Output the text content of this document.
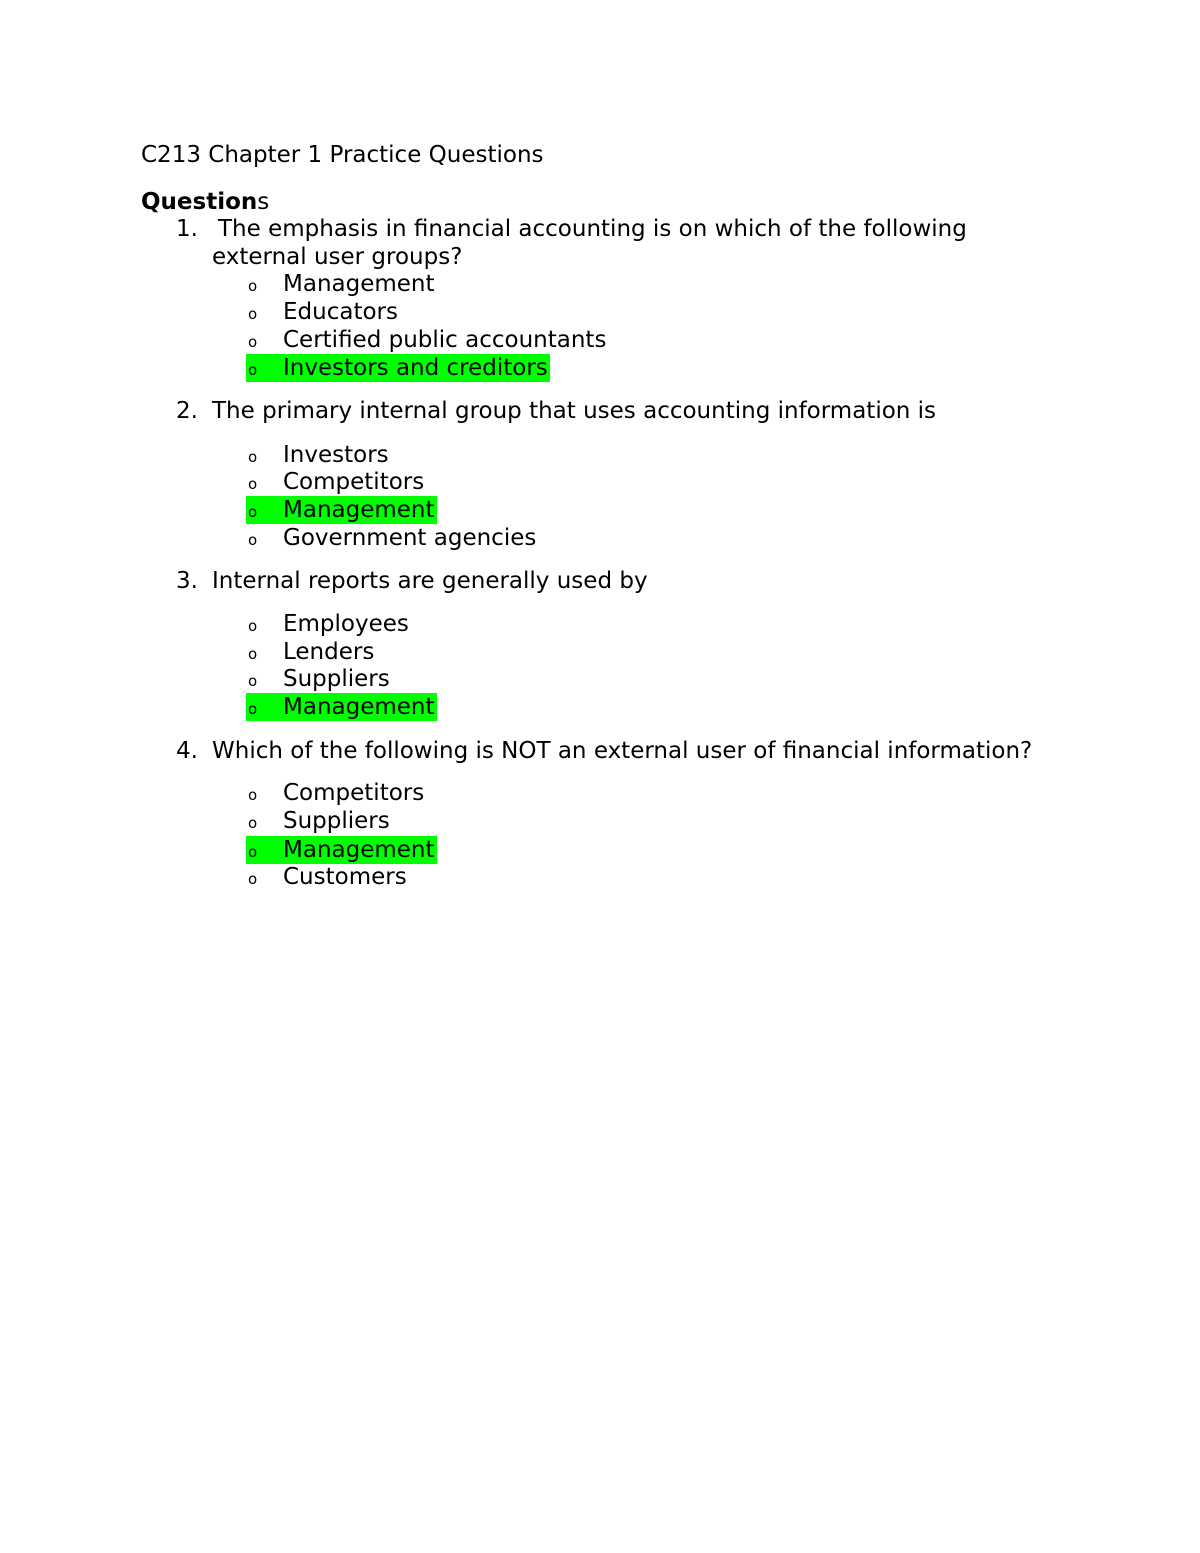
C213 Chapter 1 Practice Questions
Questions
1. The emphasis in financial accounting is on which of the following
external user groups?
o	Management
o	Educators
o	Certified public accountants
o	Investors and creditors
2. The primary internal group that uses accounting information is
o	Investors
o	Competitors
o	Management
o	Government agencies
3. Internal reports are generally used by
o	Employees
o	Lenders
o	Suppliers
o	Management
4. Which of the following is NOT an external user of financial information?
o	Competitors
o	Suppliers
o	Management
o	Customers
